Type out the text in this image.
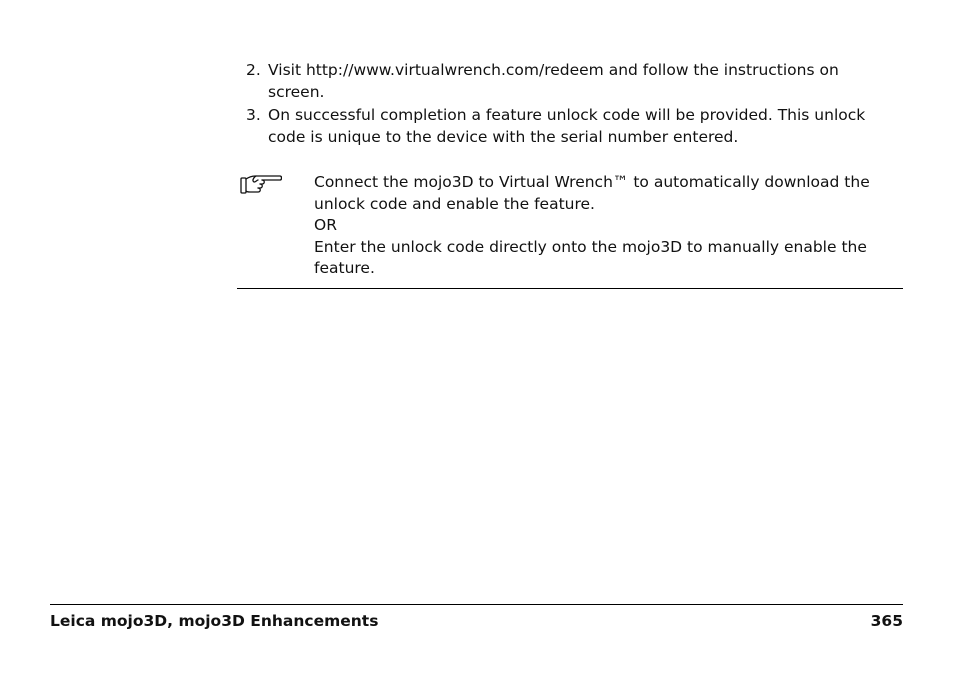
2. Visit http://www.virtualwrench.com/redeem and follow the instructions on screen.
3. On successful completion a feature unlock code will be provided. This unlock code is unique to the device with the serial number entered.

Connect the mojo3D to Virtual Wrench™ to automatically download the unlock code and enable the feature.

OR

Enter the unlock code directly onto the mojo3D to manually enable the feature.

Leica mojo3D, mojo3D Enhancements	365
